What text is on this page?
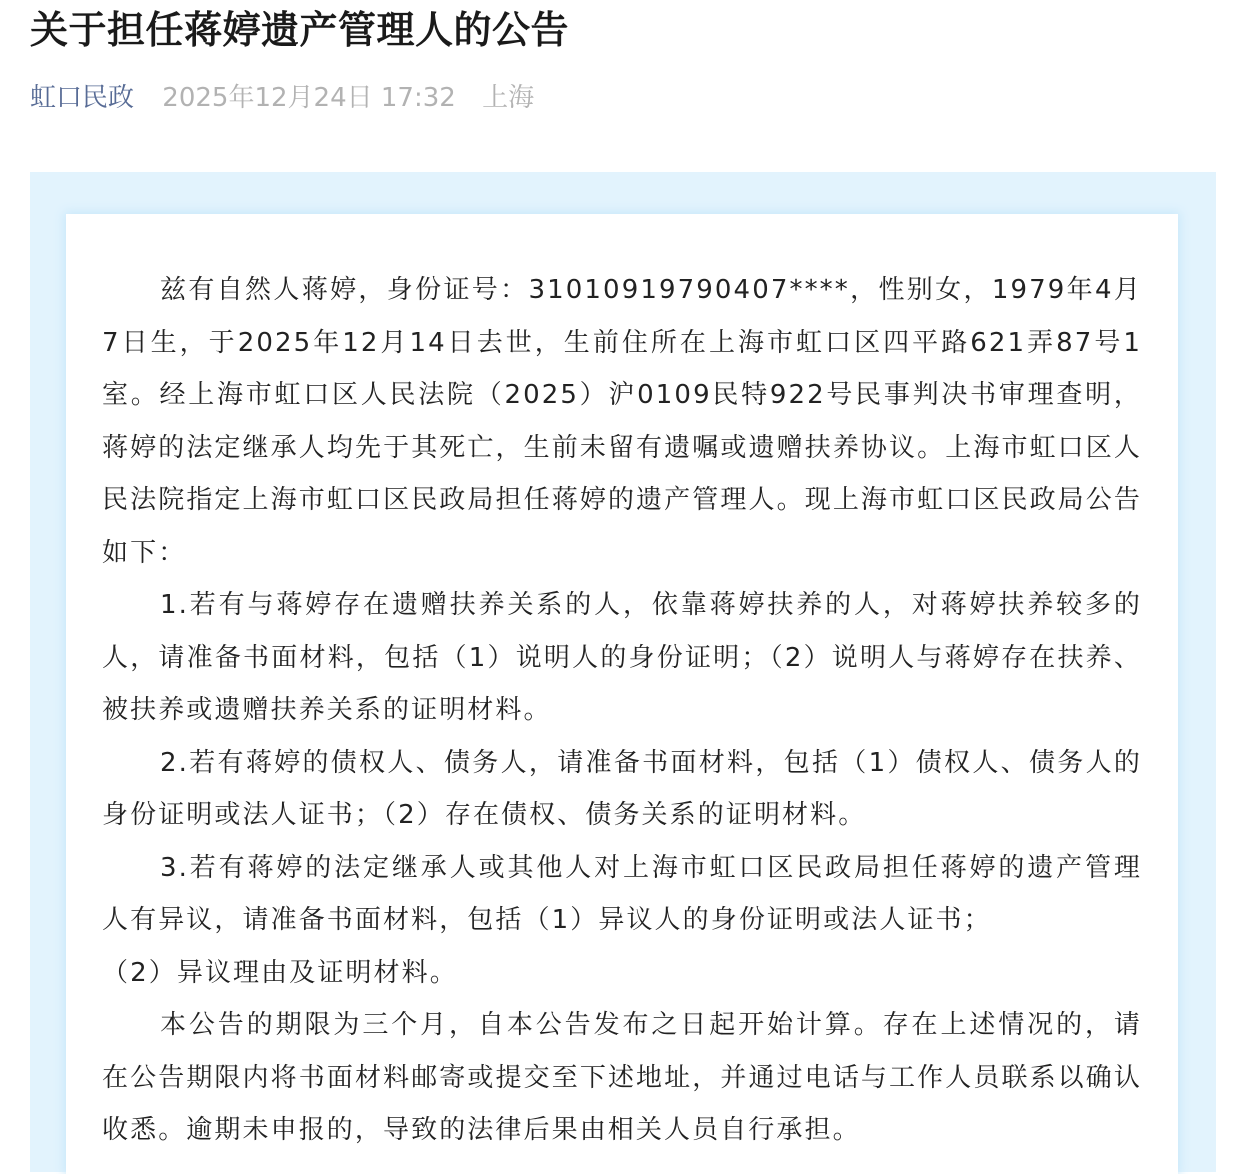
关于担任蒋婷遗产管理人的公告
虹口民政 2025年12月24日 17:32 上海

兹有自然人蒋婷，身份证号：31010919790407****，性别女，1979年4月7日生，于2025年12月14日去世，生前住所在上海市虹口区四平路621弄87号1室。经上海市虹口区人民法院（2025）沪0109民特922号民事判决书审理查明，蒋婷的法定继承人均先于其死亡，生前未留有遗嘱或遗赠扶养协议。上海市虹口区人民法院指定上海市虹口区民政局担任蒋婷的遗产管理人。现上海市虹口区民政局公告如下：

1.若有与蒋婷存在遗赠扶养关系的人，依靠蒋婷扶养的人，对蒋婷扶养较多的人，请准备书面材料，包括（1）说明人的身份证明；（2）说明人与蒋婷存在扶养、被扶养或遗赠扶养关系的证明材料。

2.若有蒋婷的债权人、债务人，请准备书面材料，包括（1）债权人、债务人的身份证明或法人证书；（2）存在债权、债务关系的证明材料。

3.若有蒋婷的法定继承人或其他人对上海市虹口区民政局担任蒋婷的遗产管理人有异议，请准备书面材料，包括（1）异议人的身份证明或法人证书；

（2）异议理由及证明材料。

本公告的期限为三个月，自本公告发布之日起开始计算。存在上述情况的，请在公告期限内将书面材料邮寄或提交至下述地址，并通过电话与工作人员联系以确认收悉。逾期未申报的，导致的法律后果由相关人员自行承担。
